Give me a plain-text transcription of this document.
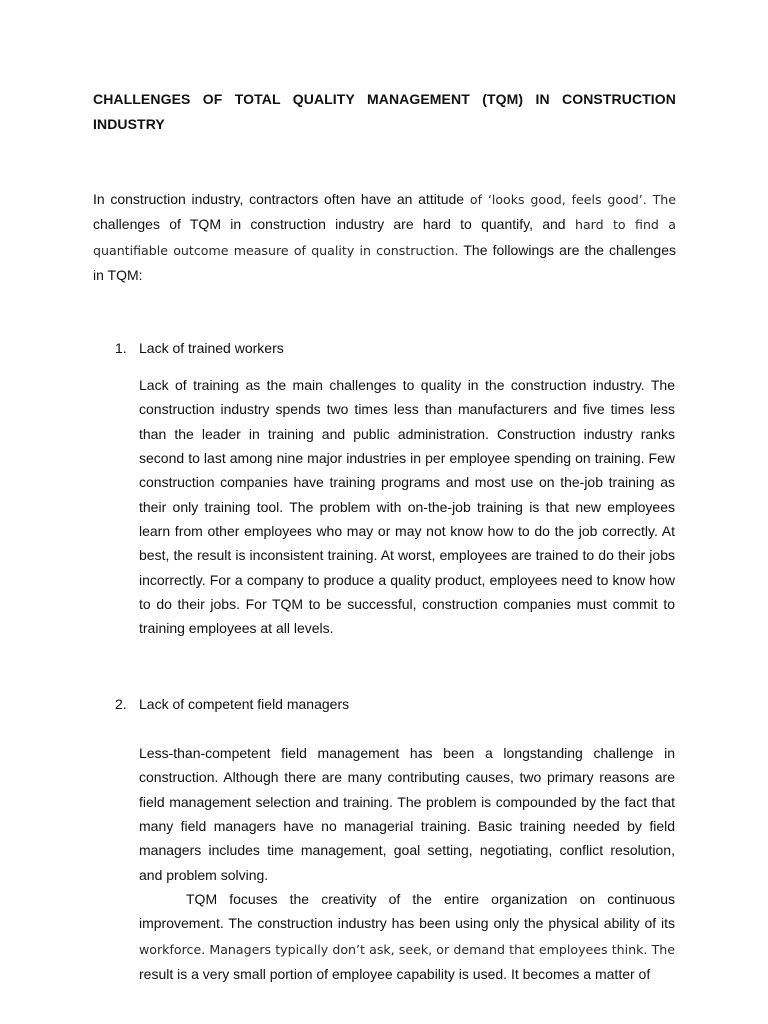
CHALLENGES OF TOTAL QUALITY MANAGEMENT (TQM) IN CONSTRUCTION INDUSTRY

In construction industry, contractors often have an attitude of ‘looks good, feels good’. The challenges of TQM in construction industry are hard to quantify, and hard to find a quantifiable outcome measure of quality in construction. The followings are the challenges in TQM:

1. Lack of trained workers

Lack of training as the main challenges to quality in the construction industry. The construction industry spends two times less than manufacturers and five times less than the leader in training and public administration. Construction industry ranks second to last among nine major industries in per employee spending on training. Few construction companies have training programs and most use on the-job training as their only training tool. The problem with on-the-job training is that new employees learn from other employees who may or may not know how to do the job correctly. At best, the result is inconsistent training. At worst, employees are trained to do their jobs incorrectly. For a company to produce a quality product, employees need to know how to do their jobs. For TQM to be successful, construction companies must commit to training employees at all levels.

2. Lack of competent field managers

Less-than-competent field management has been a longstanding challenge in construction. Although there are many contributing causes, two primary reasons are field management selection and training. The problem is compounded by the fact that many field managers have no managerial training. Basic training needed by field managers includes time management, goal setting, negotiating, conflict resolution, and problem solving.

TQM focuses the creativity of the entire organization on continuous improvement. The construction industry has been using only the physical ability of its workforce. Managers typically don’t ask, seek, or demand that employees think. The result is a very small portion of employee capability is used. It becomes a matter of
